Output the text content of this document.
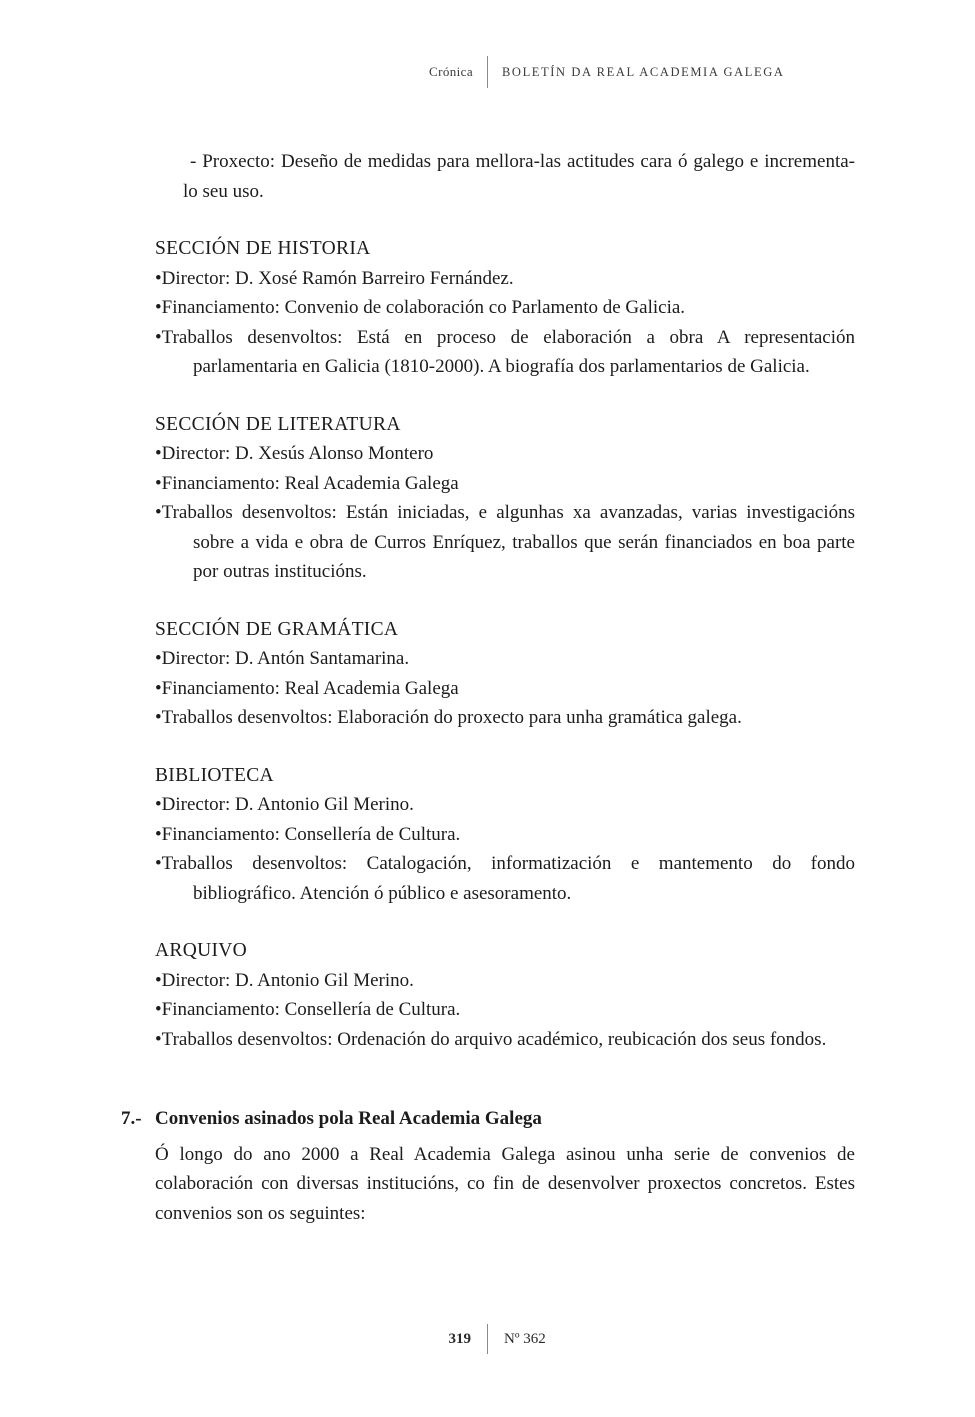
Crónica	BOLETÍN DA REAL ACADEMIA GALEGA

- Proxecto: Deseño de medidas para mellora-las actitudes cara ó galego e incrementa-lo seu uso.

SECCIÓN DE HISTORIA
•Director: D. Xosé Ramón Barreiro Fernández.
•Financiamento: Convenio de colaboración co Parlamento de Galicia.
•Traballos desenvoltos: Está en proceso de elaboración a obra A representación parlamentaria en Galicia (1810-2000). A biografía dos parlamentarios de Galicia.
SECCIÓN DE LITERATURA
•Director: D. Xesús Alonso Montero
•Financiamento: Real Academia Galega
•Traballos desenvoltos: Están iniciadas, e algunhas xa avanzadas, varias investigacións sobre a vida e obra de Curros Enríquez, traballos que serán financiados en boa parte por outras institucións.
SECCIÓN DE GRAMÁTICA
•Director: D. Antón Santamarina.
•Financiamento: Real Academia Galega
•Traballos desenvoltos: Elaboración do proxecto para unha gramática galega.
BIBLIOTECA
•Director: D. Antonio Gil Merino.
•Financiamento: Consellería de Cultura.
•Traballos desenvoltos: Catalogación, informatización e mantemento do fondo bibliográfico. Atención ó público e asesoramento.
ARQUIVO
•Director: D. Antonio Gil Merino.
•Financiamento: Consellería de Cultura.
•Traballos desenvoltos: Ordenación do arquivo académico, reubicación dos seus fondos.
7.- Convenios asinados pola Real Academia Galega

Ó longo do ano 2000 a Real Academia Galega asinou unha serie de convenios de colaboración con diversas institucións, co fin de desenvolver proxectos concretos. Estes convenios son os seguintes:

319	Nº 362
